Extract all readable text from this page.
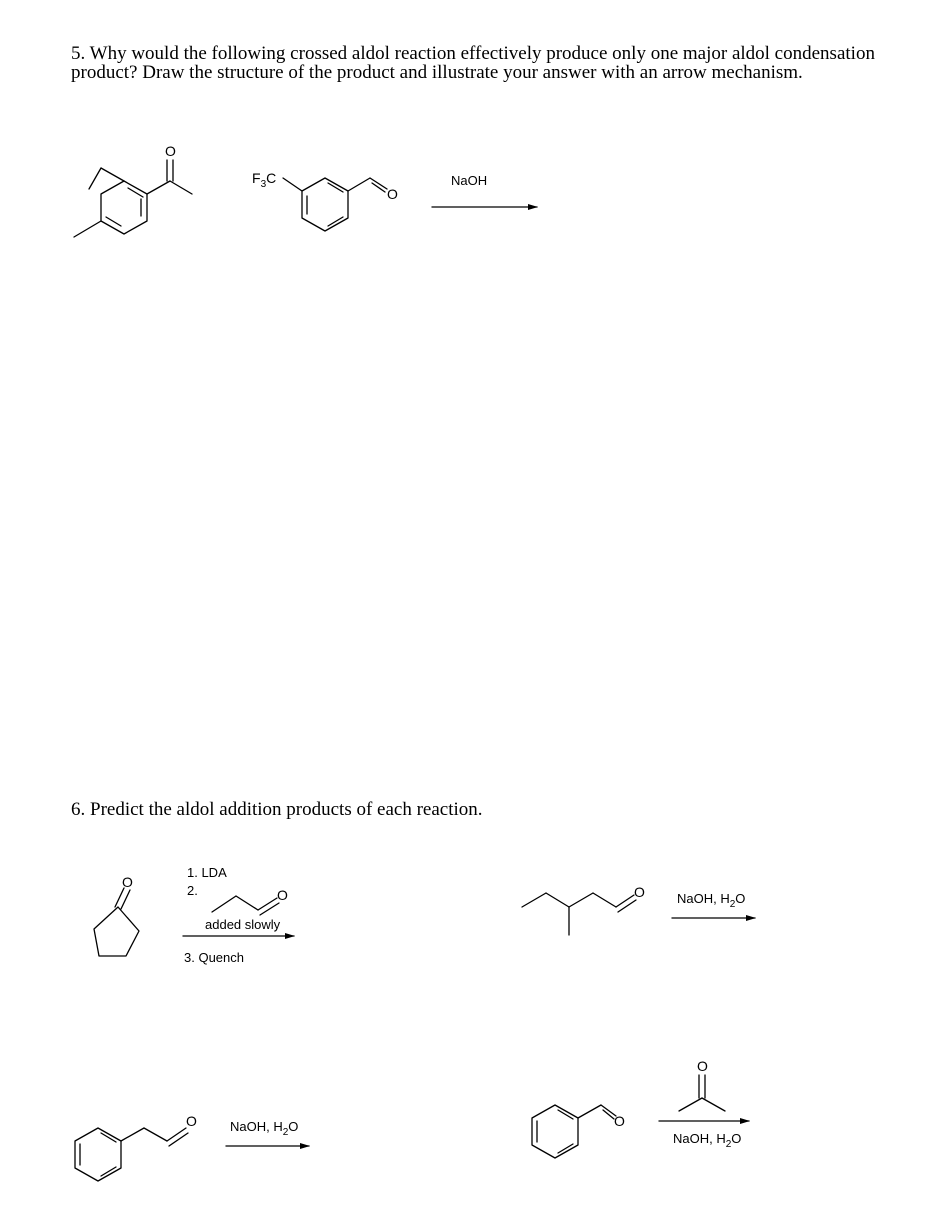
5. Why would the following crossed aldol reaction effectively produce only one major aldol condensation product? Draw the structure of the product and illustrate your answer with an arrow mechanism.

6. Predict the aldol addition products of each reaction.

O
$F_3C$
O
NaOH
O
1. LDA
2.	O
added slowly
3. Quench
O NaOH, $H_2O$
O	NaOH, $H_2O$	O
O
NaOH, $H_2O$
